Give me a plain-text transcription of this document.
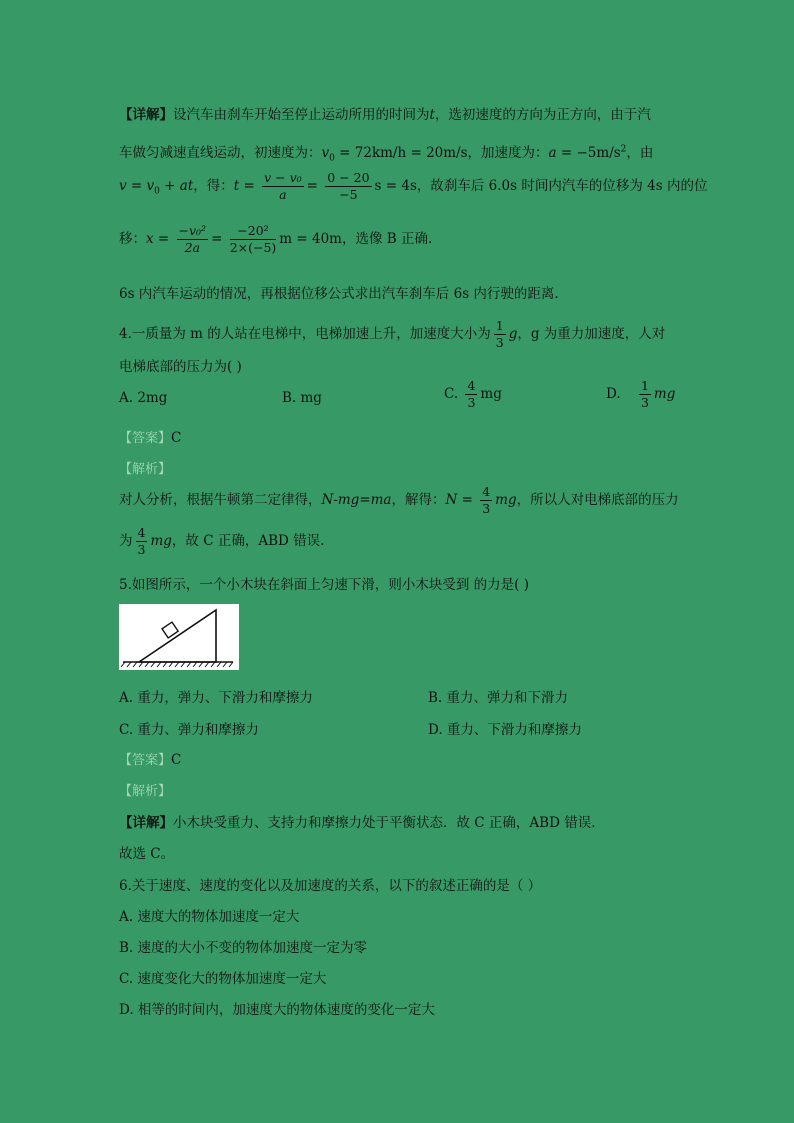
【详解】设汽车由刹车开始至停止运动所用的时间为t，选初速度的方向为正方向，由于汽
车做匀减速直线运动，初速度为：$v_0 = 72km/h = 20m/s$，加速度为：$a = -5m/s^2$，由
$v = v_0$ + at，得：$t = \frac{\text{v − v₀}}{a} = \frac{0 - 20}{-5}$ s = 4s，故刹车后 6.0s 时间内汽车的位移为 4s 内的位
移：$x = \frac{\text{−v₀²}}{2a} = \frac{\text{−20²}}{2\times(-5)}$ m = 40m，选像 B 正确.
6s 内汽车运动的情况，再根据位移公式求出汽车刹车后 6s 内行驶的距离.
4.一质量为 m 的人站在电梯中，电梯加速上升，加速度大小为 $\frac{1}{3}$ g，g 为重力加速度，人对
电梯底部的压力为( )
A. 2mg	B. mg	C. $\frac{4}{3}$ mg	D. $\frac{1}{3}$ mg
【答案】C
【解析】
对人分析，根据牛顿第二定律得，N-mg=ma，解得：$N = \frac{4}{3}$ mg，所以人对电梯底部的压力
为 $\frac{4}{3}$ mg，故 C 正确，ABD 错误.
5.如图所示，一个小木块在斜面上匀速下滑，则小木块受到 的力是( )
A. 重力，弹力、下滑力和摩擦力	B. 重力、弹力和下滑力
C. 重力、弹力和摩擦力	D. 重力、下滑力和摩擦力
【答案】C
【解析】
【详解】小木块受重力、支持力和摩擦力处于平衡状态．故 C 正确，ABD 错误．
故选 C。
6.关于速度、速度的变化以及加速度的关系，以下的叙述正确的是（ ）
A. 速度大的物体加速度一定大
B. 速度的大小不变的物体加速度一定为零
C. 速度变化大的物体加速度一定大
D. 相等的时间内，加速度大的物体速度的变化一定大
